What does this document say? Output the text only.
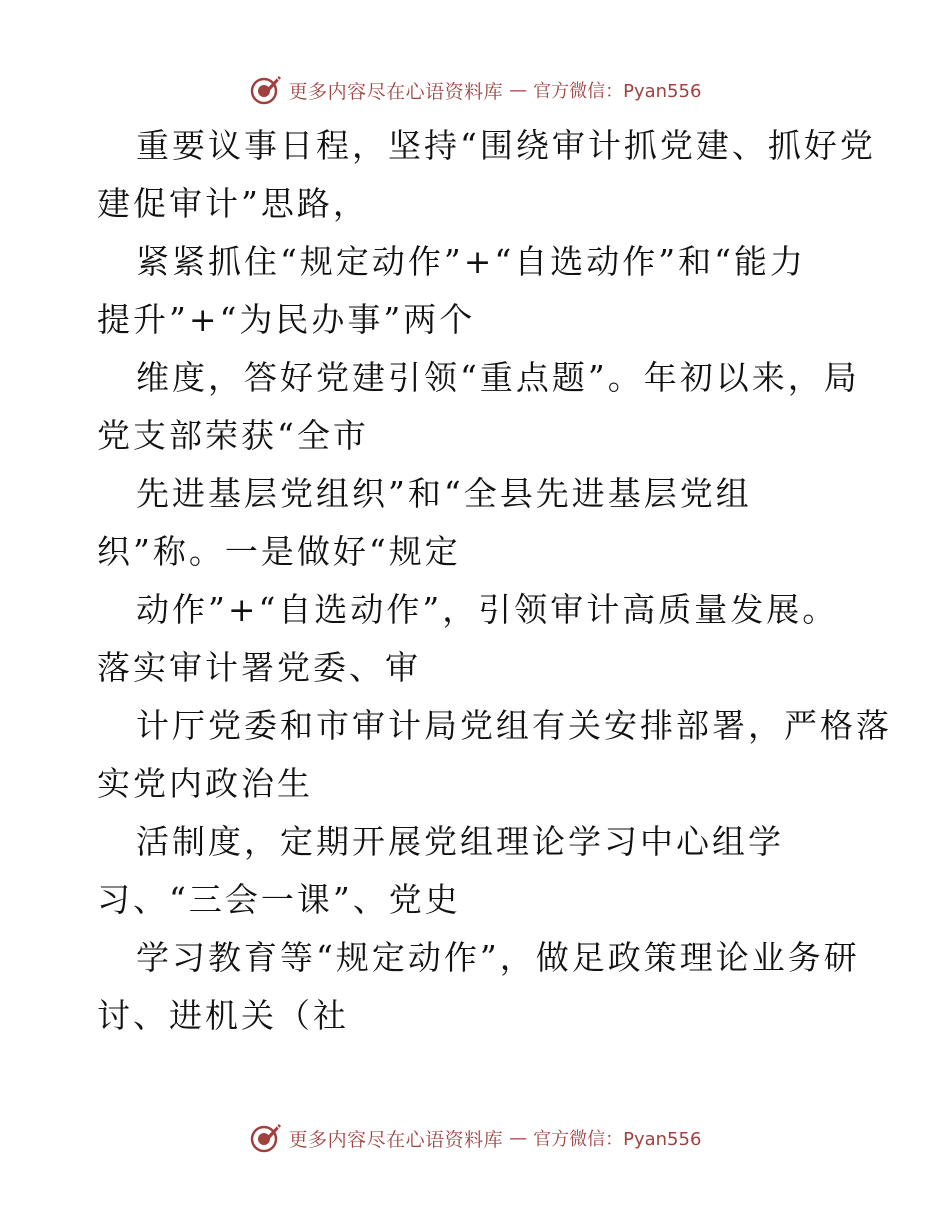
更多内容尽在心语资料库 — 官方微信：Pyan556
重要议事日程，坚持“围绕审计抓党建、抓好党
建促审计”思路，
紧紧抓住“规定动作”+“自选动作”和“能力
提升”+“为民办事”两个
维度，答好党建引领“重点题”。年初以来，局
党支部荣获“全市
先进基层党组织”和“全县先进基层党组
织”称。一是做好“规定
动作”+“自选动作”，引领审计高质量发展。
落实审计署党委、审
计厅党委和市审计局党组有关安排部署，严格落
实党内政治生
活制度，定期开展党组理论学习中心组学
习、“三会一课”、党史
学习教育等“规定动作”，做足政策理论业务研
讨、进机关（社
更多内容尽在心语资料库 — 官方微信：Pyan556
